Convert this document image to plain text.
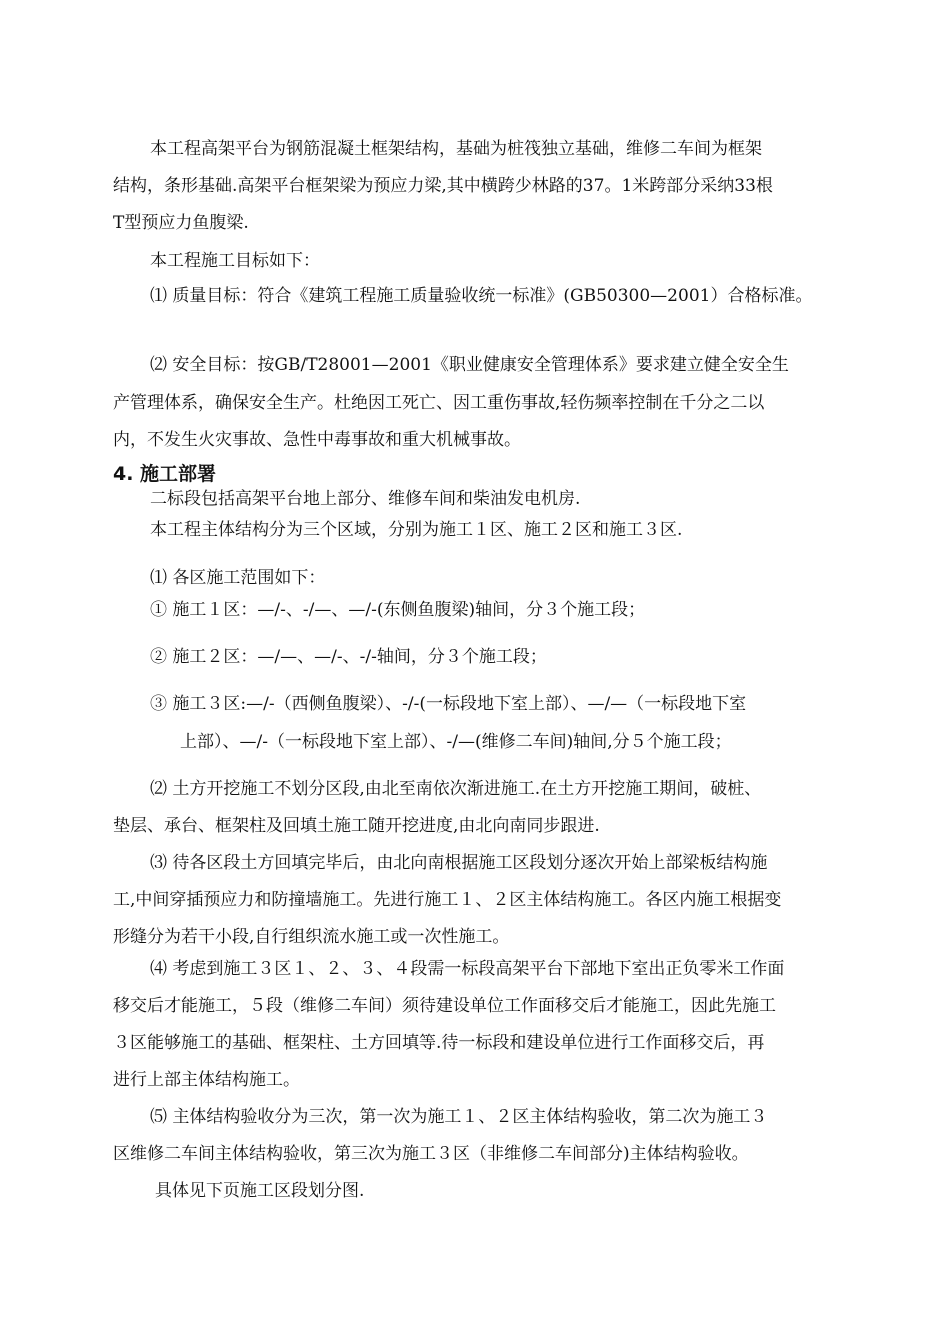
本工程高架平台为钢筋混凝土框架结构，基础为桩筏独立基础，维修二车间为框架
结构，条形基础.高架平台框架梁为预应力梁,其中横跨少林路的37。1米跨部分采纳33根
T型预应力鱼腹梁.
本工程施工目标如下：
⑴ 质量目标：符合《建筑工程施工质量验收统一标准》(GB50300—2001）合格标准。
⑵ 安全目标：按GB/T28001—2001《职业健康安全管理体系》要求建立健全安全生
产管理体系，确保安全生产。杜绝因工死亡、因工重伤事故,轻伤频率控制在千分之二以
内，不发生火灾事故、急性中毒事故和重大机械事故。
4. 施工部署
二标段包括高架平台地上部分、维修车间和柴油发电机房.
本工程主体结构分为三个区域，分别为施工１区、施工２区和施工３区.
⑴ 各区施工范围如下：
① 施工１区：—/-、-/—、—/-(东侧鱼腹梁)轴间，分３个施工段；
② 施工２区：—/—、—/-、-/-轴间，分３个施工段；
③ 施工３区:—/-（西侧鱼腹梁）、-/-(一标段地下室上部）、—/—（一标段地下室
上部）、—/-（一标段地下室上部）、-/—(维修二车间)轴间,分５个施工段；
⑵ 土方开挖施工不划分区段,由北至南依次渐进施工.在土方开挖施工期间，破桩、
垫层、承台、框架柱及回填土施工随开挖进度,由北向南同步跟进.
⑶ 待各区段土方回填完毕后，由北向南根据施工区段划分逐次开始上部梁板结构施
工,中间穿插预应力和防撞墙施工。先进行施工１、２区主体结构施工。各区内施工根据变
形缝分为若干小段,自行组织流水施工或一次性施工。
⑷ 考虑到施工３区１、２、３、４段需一标段高架平台下部地下室出正负零米工作面
移交后才能施工，５段（维修二车间）须待建设单位工作面移交后才能施工，因此先施工
３区能够施工的基础、框架柱、土方回填等.待一标段和建设单位进行工作面移交后，再
进行上部主体结构施工。
⑸ 主体结构验收分为三次，第一次为施工１、２区主体结构验收，第二次为施工３
区维修二车间主体结构验收，第三次为施工３区（非维修二车间部分)主体结构验收。
具体见下页施工区段划分图.
